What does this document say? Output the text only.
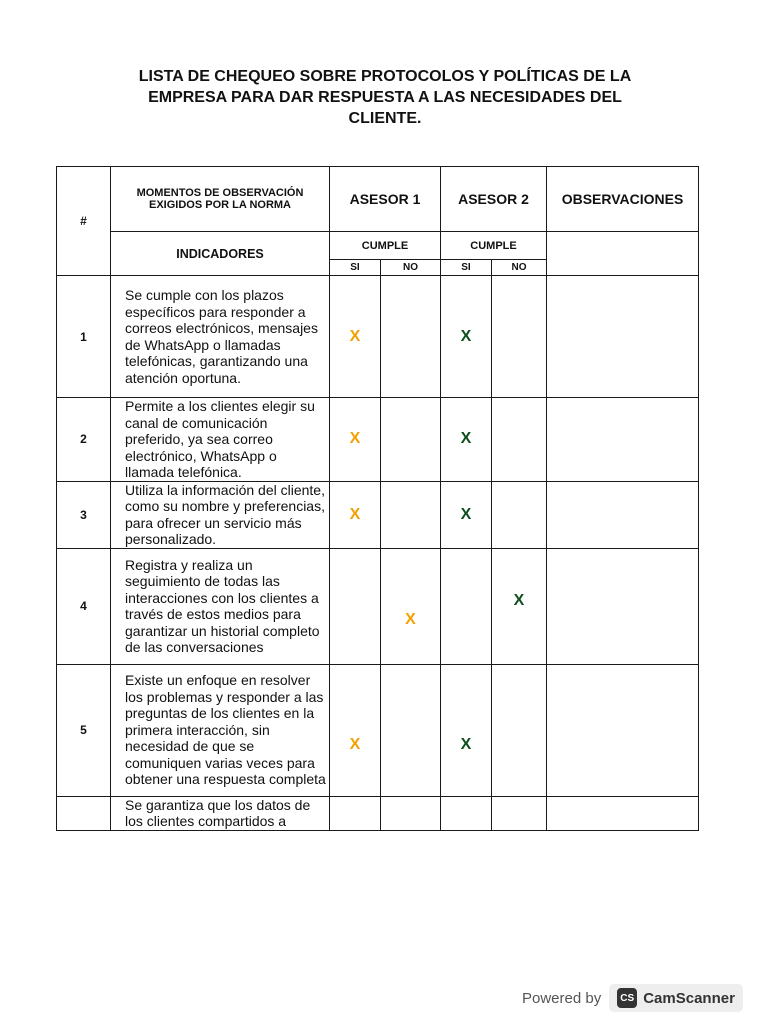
LISTA DE CHEQUEO SOBRE PROTOCOLOS Y POLÍTICAS DE LA
EMPRESA PARA DAR RESPUESTA A LAS NECESIDADES DEL
CLIENTE.
#	MOMENTOS DE OBSERVACIÓN EXIGIDOS POR LA NORMA	ASESOR 1		ASESOR 2		OBSERVACIONES
	INDICADORES	CUMPLE		CUMPLE		
		SI	NO	SI	NO	
1	Se cumple con los plazos específicos para responder a correos electrónicos, mensajes de WhatsApp o llamadas telefónicas, garantizando una atención oportuna.	X		X		
2	Permite a los clientes elegir su canal de comunicación preferido, ya sea correo electrónico, WhatsApp o llamada telefónica.	X		X		
3	Utiliza la información del cliente, como su nombre y preferencias, para ofrecer un servicio más personalizado.	X		X		
4	Registra y realiza un seguimiento de todas las interacciones con los clientes a través de estos medios para garantizar un historial completo de las conversaciones		X		X	
5	Existe un enfoque en resolver los problemas y responder a las preguntas de los clientes en la primera interacción, sin necesidad de que se comuniquen varias veces para obtener una respuesta completa	X		X		
	Se garantiza que los datos de los clientes compartidos a					
Powered by	CS CamScanner
